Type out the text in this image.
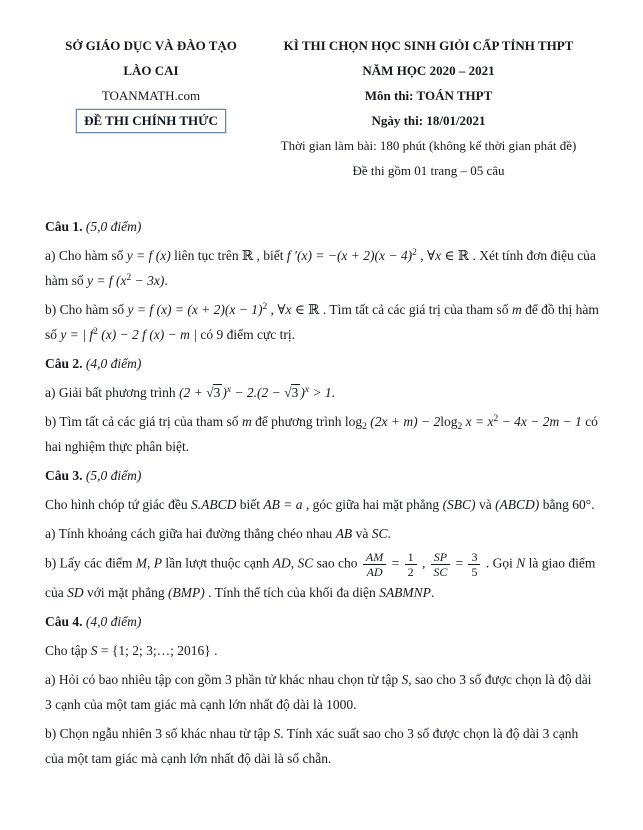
SỞ GIÁO DỤC VÀ ĐÀO TẠO
LÀO CAI
TOANMATH.com
ĐỀ THI CHÍNH THỨC
KÌ THI CHỌN HỌC SINH GIỎI CẤP TỈNH THPT
NĂM HỌC 2020 – 2021
Môn thi: TOÁN THPT
Ngày thi: 18/01/2021
Thời gian làm bài: 180 phút (không kể thời gian phát đề)
Đề thi gồm 01 trang – 05 câu

Câu 1. (5,0 điểm)

a) Cho hàm số y = f (x) liên tục trên ℝ , biết f $'(x) = -(x + 2)(x - 4)^2$ , ∀x ∈ ℝ . Xét tính đơn điệu của hàm số y = f $(x^2 - 3x)$.

b) Cho hàm số y = f $(x) = (x + 2)(x - 1)^2$ , ∀x ∈ ℝ . Tìm tất cả các giá trị của tham số m để đồ thị hàm số y = | $f^2$ (x) − 2 f (x) − m | có 9 điểm cực trị.

Câu 2. (4,0 điểm)

a) Giải bất phương trình (2 + √3 )$^x$ − 2.(2 − √3 )$^x$ > 1.

b) Tìm tất cả các giá trị của tham số m để phương trình $\log_2 (2x + m) - 2\log_2$ $x = x^2 - 4x - 2m - 1$ có hai nghiệm thực phân biệt.

Câu 3. (5,0 điểm)

Cho hình chóp tứ giác đều S.ABCD biết AB = a , góc giữa hai mặt phẳng (SBC) và (ABCD) bằng 60°.

a) Tính khoảng cách giữa hai đường thẳng chéo nhau AB và SC.

b) Lấy các điểm M, P lần lượt thuộc cạnh AD, SC sao cho $\frac{AM}{AD} = \frac{1}{2}$ , $\frac{SP}{SC} = \frac{3}{5}$ . Gọi N là giao điểm của SD với mặt phẳng (BMP) . Tính thể tích của khối đa diện SABMNP.

Câu 4. (4,0 điểm)

Cho tập S = {1; 2; 3;…; 2016} .

a) Hỏi có bao nhiêu tập con gồm 3 phần tử khác nhau chọn từ tập S, sao cho 3 số được chọn là độ dài 3 cạnh của một tam giác mà cạnh lớn nhất độ dài là 1000.

b) Chọn ngẫu nhiên 3 số khác nhau từ tập S. Tính xác suất sao cho 3 số được chọn là độ dài 3 cạnh của một tam giác mà cạnh lớn nhất độ dài là số chẵn.
